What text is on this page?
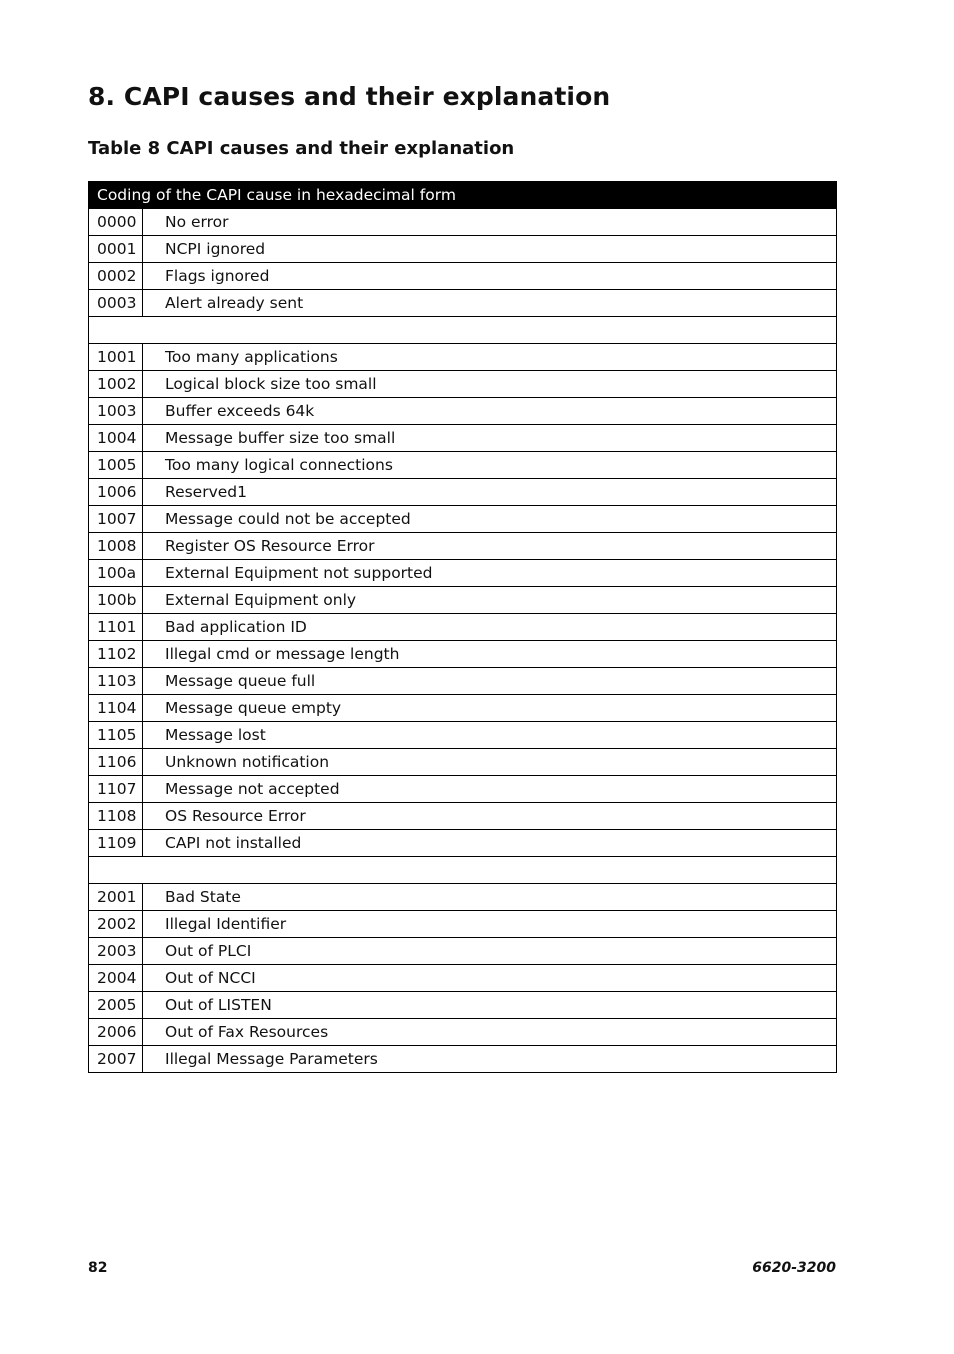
8. CAPI causes and their explanation
Table 8 CAPI causes and their explanation
Coding of the CAPI cause in hexadecimal form	
0000	No error
0001	NCPI ignored
0002	Flags ignored
0003	Alert already sent

1001	Too many applications
1002	Logical block size too small
1003	Buffer exceeds 64k
1004	Message buffer size too small
1005	Too many logical connections
1006	Reserved1
1007	Message could not be accepted
1008	Register OS Resource Error
100a	External Equipment not supported
100b	External Equipment only
1101	Bad application ID
1102	Illegal cmd or message length
1103	Message queue full
1104	Message queue empty
1105	Message lost
1106	Unknown notification
1107	Message not accepted
1108	OS Resource Error
1109	CAPI not installed

2001	Bad State
2002	Illegal Identifier
2003	Out of PLCI
2004	Out of NCCI
2005	Out of LISTEN
2006	Out of Fax Resources
2007	Illegal Message Parameters
82	6620-3200
